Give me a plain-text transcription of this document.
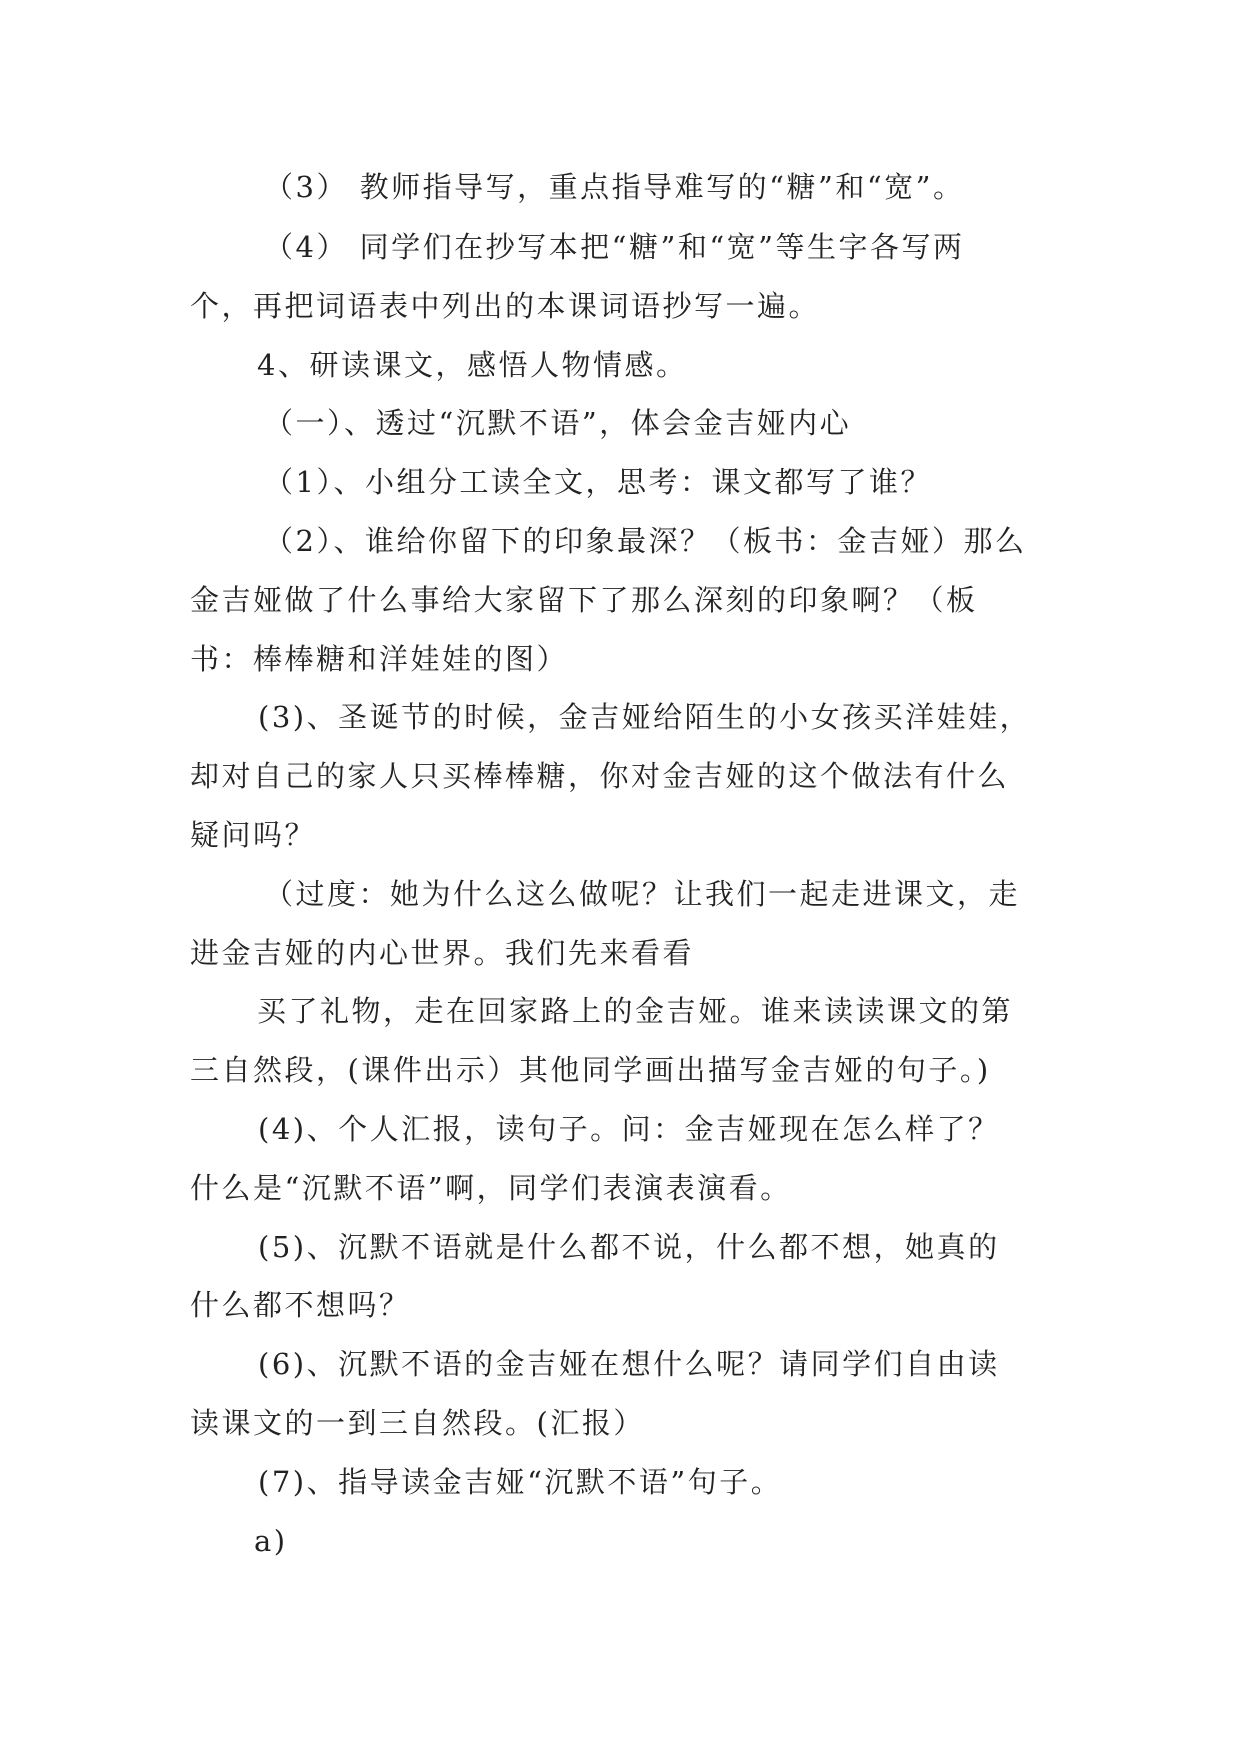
（3） 教师指导写，重点指导难写的“糖”和“宽”。
（4） 同学们在抄写本把“糖”和“宽”等生字各写两
个，再把词语表中列出的本课词语抄写一遍。
4、研读课文，感悟人物情感。
（一）、透过“沉默不语”，体会金吉娅内心
（1）、小组分工读全文，思考：课文都写了谁？
（2）、谁给你留下的印象最深？（板书：金吉娅）那么
金吉娅做了什么事给大家留下了那么深刻的印象啊？（板
书：棒棒糖和洋娃娃的图）
(3)、圣诞节的时候，金吉娅给陌生的小女孩买洋娃娃，
却对自己的家人只买棒棒糖，你对金吉娅的这个做法有什么
疑问吗？
（过度：她为什么这么做呢？让我们一起走进课文，走
进金吉娅的内心世界。我们先来看看
买了礼物，走在回家路上的金吉娅。谁来读读课文的第
三自然段，(课件出示）其他同学画出描写金吉娅的句子。)
(4)、个人汇报，读句子。问：金吉娅现在怎么样了？
什么是“沉默不语”啊，同学们表演表演看。
(5)、沉默不语就是什么都不说，什么都不想，她真的
什么都不想吗？
(6)、沉默不语的金吉娅在想什么呢？请同学们自由读
读课文的一到三自然段。(汇报）
(7)、指导读金吉娅“沉默不语”句子。
a)
